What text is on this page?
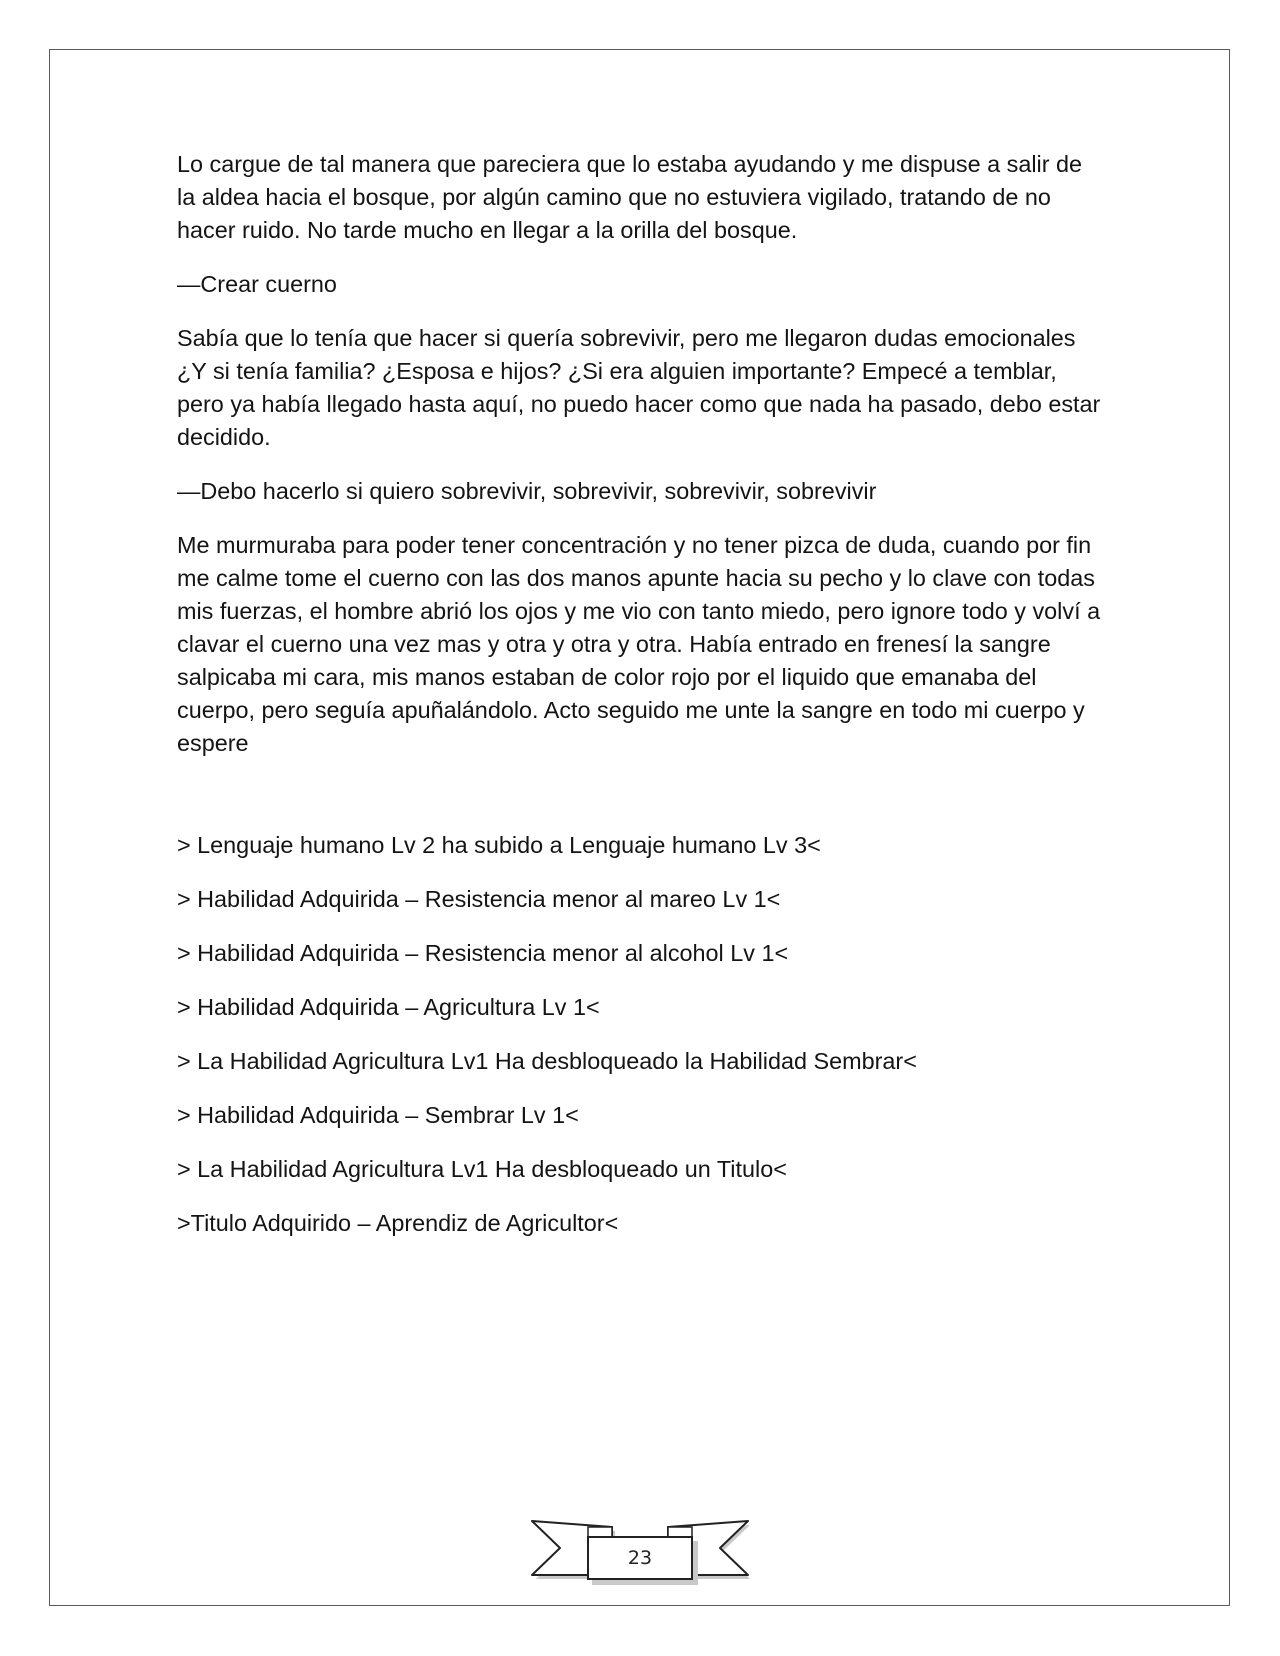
Lo cargue de tal manera que pareciera que lo estaba ayudando y me dispuse a salir de la aldea hacia el bosque, por algún camino que no estuviera vigilado, tratando de no hacer ruido. No tarde mucho en llegar a la orilla del bosque.

—Crear cuerno

Sabía que lo tenía que hacer si quería sobrevivir, pero me llegaron dudas emocionales ¿Y si tenía familia? ¿Esposa e hijos? ¿Si era alguien importante? Empecé a temblar, pero ya había llegado hasta aquí, no puedo hacer como que nada ha pasado, debo estar decidido.

—Debo hacerlo si quiero sobrevivir, sobrevivir, sobrevivir, sobrevivir

Me murmuraba para poder tener concentración y no tener pizca de duda, cuando por fin me calme tome el cuerno con las dos manos apunte hacia su pecho y lo clave con todas mis fuerzas, el hombre abrió los ojos y me vio con tanto miedo, pero ignore todo y volví a clavar el cuerno una vez mas y otra y otra y otra. Había entrado en frenesí la sangre salpicaba mi cara, mis manos estaban de color rojo por el liquido que emanaba del cuerpo, pero seguía apuñalándolo. Acto seguido me unte la sangre en todo mi cuerpo y espere

> Lenguaje humano Lv 2 ha subido a Lenguaje humano Lv 3<

> Habilidad Adquirida – Resistencia menor al mareo Lv 1<

> Habilidad Adquirida – Resistencia menor al alcohol Lv 1<

> Habilidad Adquirida – Agricultura Lv 1<

> La Habilidad Agricultura Lv1 Ha desbloqueado la Habilidad Sembrar<

> Habilidad Adquirida – Sembrar Lv 1<

> La Habilidad Agricultura Lv1 Ha desbloqueado un Titulo<

>Titulo Adquirido – Aprendiz de Agricultor<

23
